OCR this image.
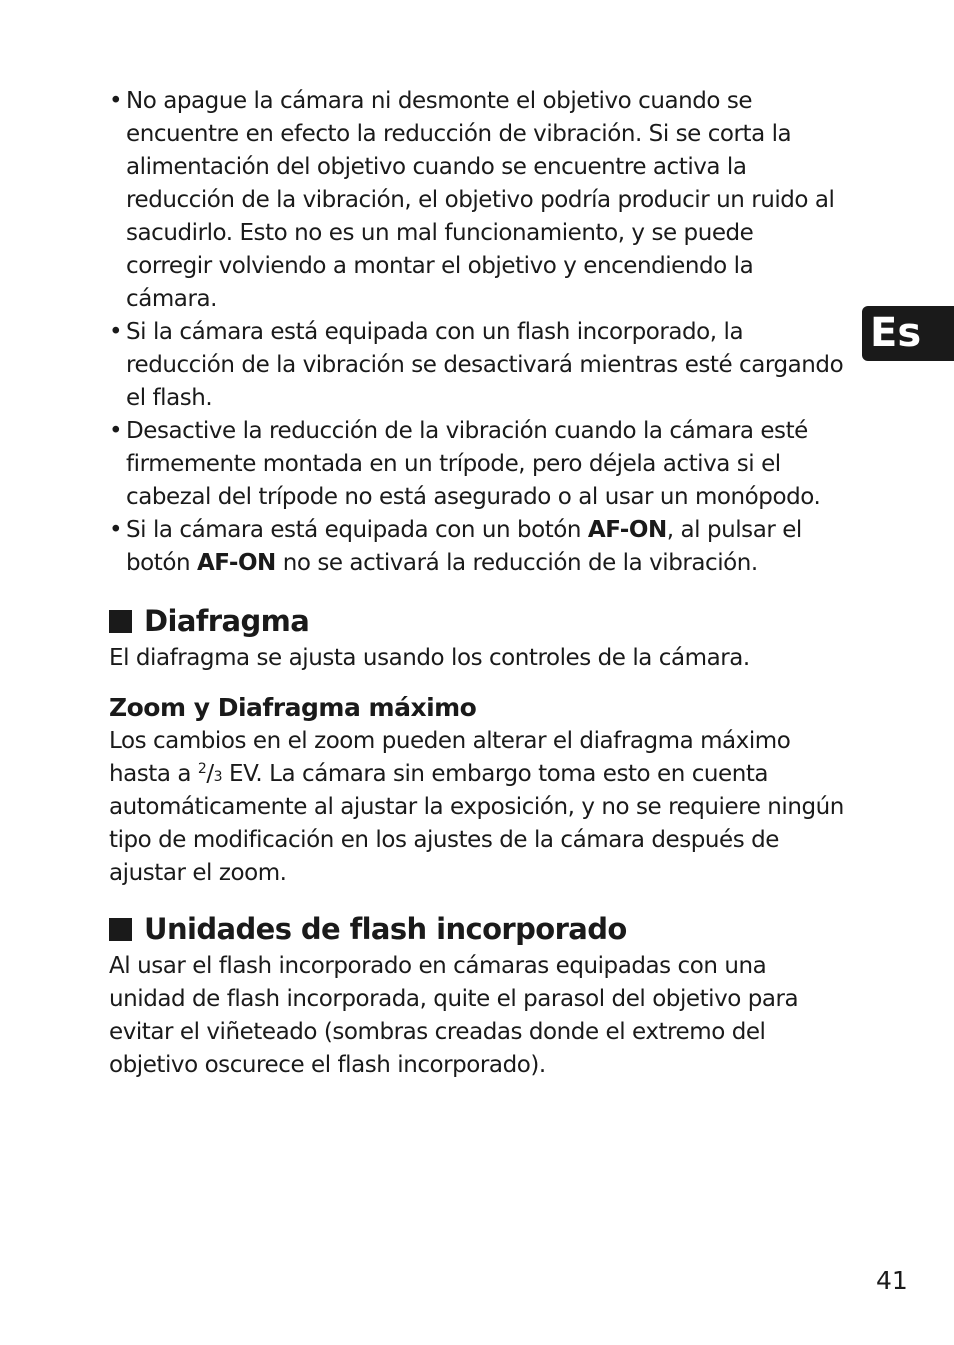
Es
• No apague la cámara ni desmonte el objetivo cuando se encuentre en efecto la reducción de vibración. Si se corta la alimentación del objetivo cuando se encuentre activa la reducción de la vibración, el objetivo podría producir un ruido al sacudirlo. Esto no es un mal funcionamiento, y se puede corregir volviendo a montar el objetivo y encendiendo la cámara.
• Si la cámara está equipada con un flash incorporado, la reducción de la vibración se desactivará mientras esté cargando el flash.
• Desactive la reducción de la vibración cuando la cámara esté firmemente montada en un trípode, pero déjela activa si el cabezal del trípode no está asegurado o al usar un monópodo.
• Si la cámara está equipada con un botón AF-ON, al pulsar el botón AF-ON no se activará la reducción de la vibración.
Diafragma

El diafragma se ajusta usando los controles de la cámara.

Zoom y Diafragma máximo

Los cambios en el zoom pueden alterar el diafragma máximo hasta a $^2$/3 EV. La cámara sin embargo toma esto en cuenta automáticamente al ajustar la exposición, y no se requiere ningún tipo de modificación en los ajustes de la cámara después de ajustar el zoom.

Unidades de flash incorporado

Al usar el flash incorporado en cámaras equipadas con una unidad de flash incorporada, quite el parasol del objetivo para evitar el viñeteado (sombras creadas donde el extremo del objetivo oscurece el flash incorporado).

41
